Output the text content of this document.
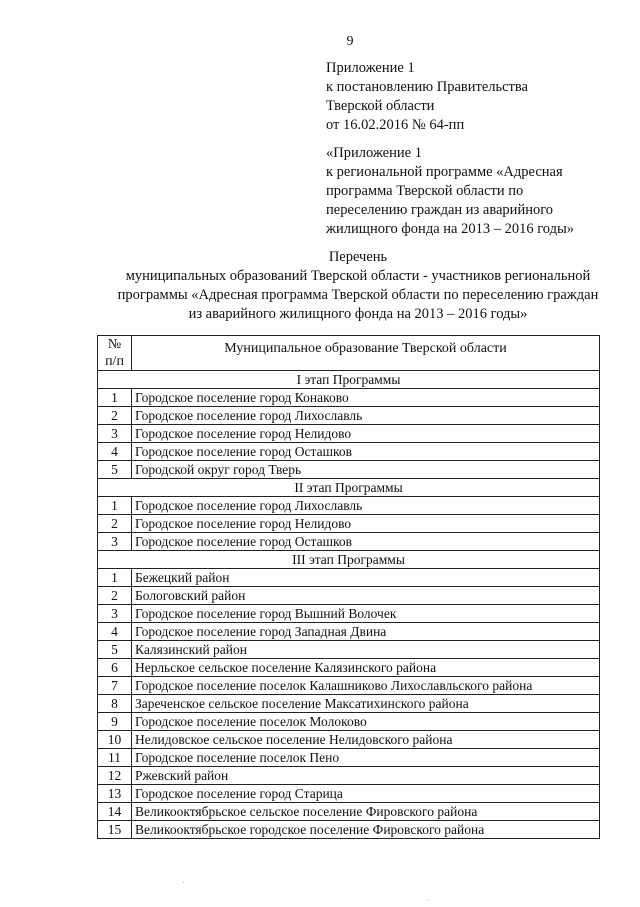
9
Приложение 1
к постановлению Правительства
Тверской области
от 16.02.2016 № 64-пп
«Приложение 1
к региональной программе «Адресная
программа Тверской области по
переселению граждан из аварийного
жилищного фонда на 2013 – 2016 годы»
Перечень
муниципальных образований Тверской области - участников региональной
программы «Адресная программа Тверской области по переселению граждан
из аварийного жилищного фонда на 2013 – 2016 годы»
№
п/п	Муниципальное образование Тверской области
I этап Программы	
1	Городское поселение город Конаково
2	Городское поселение город Лихославль
3	Городское поселение город Нелидово
4	Городское поселение город Осташков
5	Городской округ город Тверь
II этап Программы	
1	Городское поселение город Лихославль
2	Городское поселение город Нелидово
3	Городское поселение город Осташков
III этап Программы	
1	Бежецкий район
2	Бологовский район
3	Городское поселение город Вышний Волочек
4	Городское поселение город Западная Двина
5	Калязинский район
6	Нерльское сельское поселение Калязинского района
7	Городское поселение поселок Калашниково Лихославльского района
8	Зареченское сельское поселение Максатихинского района
9	Городское поселение поселок Молоково
10	Нелидовское сельское поселение Нелидовского района
11	Городское поселение поселок Пено
12	Ржевский район
13	Городское поселение город Старица
14	Великооктябрьское сельское поселение Фировского района
15	Великооктябрьское городское поселение Фировского района
·
·
